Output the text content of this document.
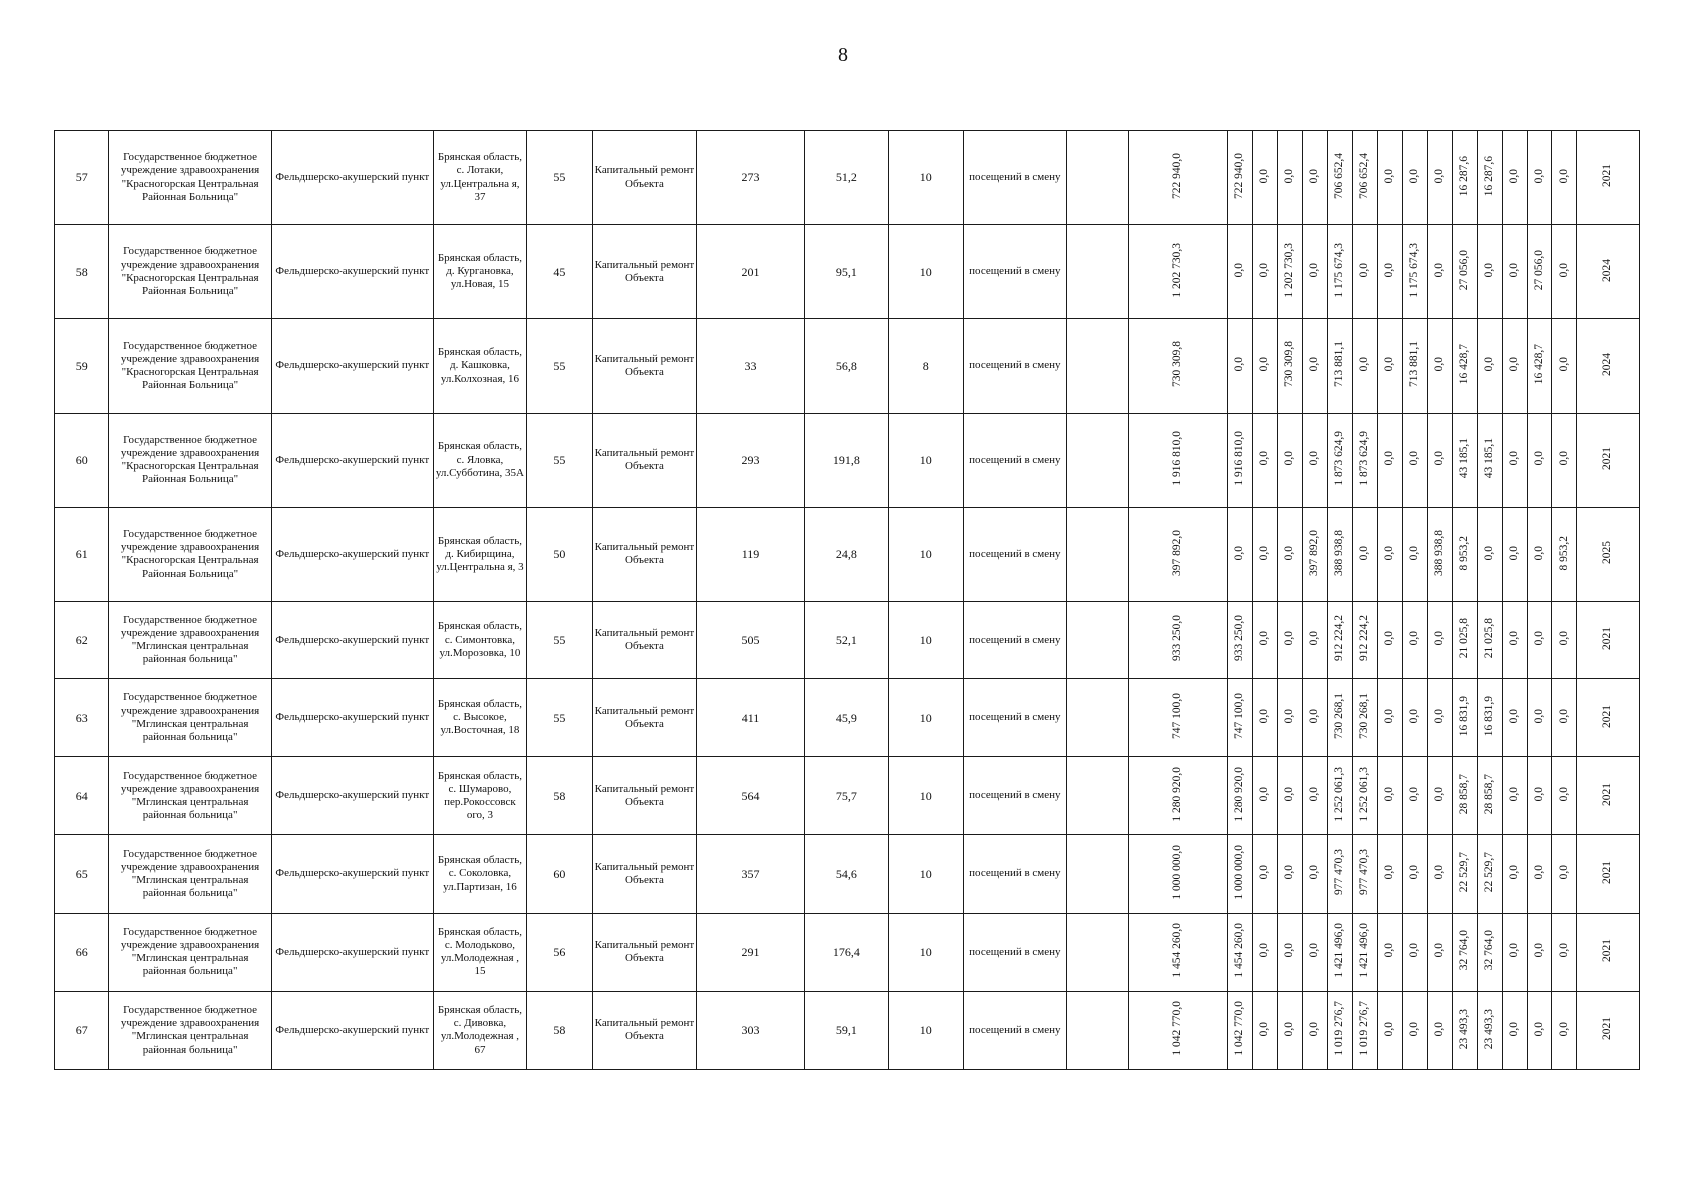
8
57	Государственное бюджетное учреждение здравоохранения "Красногорская Центральная Районная Больница"	Фельдшерско-акушерский пункт	Брянская область, с. Лотаки, ул.Центральна я, 37	55	Капитальный ремонт Объекта	273	51,2	10	посещений в смену		722 940,0	722 940,0	0,0	0,0	0,0	706 652,4	706 652,4	0,0	0,0	0,0	16 287,6	16 287,6	0,0	0,0	0,0	2021
58	Государственное бюджетное учреждение здравоохранения "Красногорская Центральная Районная Больница"	Фельдшерско-акушерский пункт	Брянская область, д. Кургановка, ул.Новая, 15	45	Капитальный ремонт Объекта	201	95,1	10	посещений в смену		1 202 730,3	0,0	0,0	1 202 730,3	0,0	1 175 674,3	0,0	0,0	1 175 674,3	0,0	27 056,0	0,0	0,0	27 056,0	0,0	2024
59	Государственное бюджетное учреждение здравоохранения "Красногорская Центральная Районная Больница"	Фельдшерско-акушерский пункт	Брянская область, д. Кашковка, ул.Колхозная, 16	55	Капитальный ремонт Объекта	33	56,8	8	посещений в смену		730 309,8	0,0	0,0	730 309,8	0,0	713 881,1	0,0	0,0	713 881,1	0,0	16 428,7	0,0	0,0	16 428,7	0,0	2024
60	Государственное бюджетное учреждение здравоохранения "Красногорская Центральная Районная Больница"	Фельдшерско-акушерский пункт	Брянская область, с. Яловка, ул.Субботина, 35А	55	Капитальный ремонт Объекта	293	191,8	10	посещений в смену		1 916 810,0	1 916 810,0	0,0	0,0	0,0	1 873 624,9	1 873 624,9	0,0	0,0	0,0	43 185,1	43 185,1	0,0	0,0	0,0	2021
61	Государственное бюджетное учреждение здравоохранения "Красногорская Центральная Районная Больница"	Фельдшерско-акушерский пункт	Брянская область, д. Кибирщина, ул.Центральна я, 3	50	Капитальный ремонт Объекта	119	24,8	10	посещений в смену		397 892,0	0,0	0,0	0,0	397 892,0	388 938,8	0,0	0,0	0,0	388 938,8	8 953,2	0,0	0,0	0,0	8 953,2	2025
62	Государственное бюджетное учреждение здравоохранения "Мглинская центральная районная больница"	Фельдшерско-акушерский пункт	Брянская область, с. Симонтовка, ул.Морозовка, 10	55	Капитальный ремонт Объекта	505	52,1	10	посещений в смену		933 250,0	933 250,0	0,0	0,0	0,0	912 224,2	912 224,2	0,0	0,0	0,0	21 025,8	21 025,8	0,0	0,0	0,0	2021
63	Государственное бюджетное учреждение здравоохранения "Мглинская центральная районная больница"	Фельдшерско-акушерский пункт	Брянская область, с. Высокое, ул.Восточная, 18	55	Капитальный ремонт Объекта	411	45,9	10	посещений в смену		747 100,0	747 100,0	0,0	0,0	0,0	730 268,1	730 268,1	0,0	0,0	0,0	16 831,9	16 831,9	0,0	0,0	0,0	2021
64	Государственное бюджетное учреждение здравоохранения "Мглинская центральная районная больница"	Фельдшерско-акушерский пункт	Брянская область, с. Шумарово, пер.Рокоссовск ого, 3	58	Капитальный ремонт Объекта	564	75,7	10	посещений в смену		1 280 920,0	1 280 920,0	0,0	0,0	0,0	1 252 061,3	1 252 061,3	0,0	0,0	0,0	28 858,7	28 858,7	0,0	0,0	0,0	2021
65	Государственное бюджетное учреждение здравоохранения "Мглинская центральная районная больница"	Фельдшерско-акушерский пункт	Брянская область, с. Соколовка, ул.Партизан, 16	60	Капитальный ремонт Объекта	357	54,6	10	посещений в смену		1 000 000,0	1 000 000,0	0,0	0,0	0,0	977 470,3	977 470,3	0,0	0,0	0,0	22 529,7	22 529,7	0,0	0,0	0,0	2021
66	Государственное бюджетное учреждение здравоохранения "Мглинская центральная районная больница"	Фельдшерско-акушерский пункт	Брянская область, с. Молодьково, ул.Молодежная , 15	56	Капитальный ремонт Объекта	291	176,4	10	посещений в смену		1 454 260,0	1 454 260,0	0,0	0,0	0,0	1 421 496,0	1 421 496,0	0,0	0,0	0,0	32 764,0	32 764,0	0,0	0,0	0,0	2021
67	Государственное бюджетное учреждение здравоохранения "Мглинская центральная районная больница"	Фельдшерско-акушерский пункт	Брянская область, с. Дивовка, ул.Молодежная , 67	58	Капитальный ремонт Объекта	303	59,1	10	посещений в смену		1 042 770,0	1 042 770,0	0,0	0,0	0,0	1 019 276,7	1 019 276,7	0,0	0,0	0,0	23 493,3	23 493,3	0,0	0,0	0,0	2021
